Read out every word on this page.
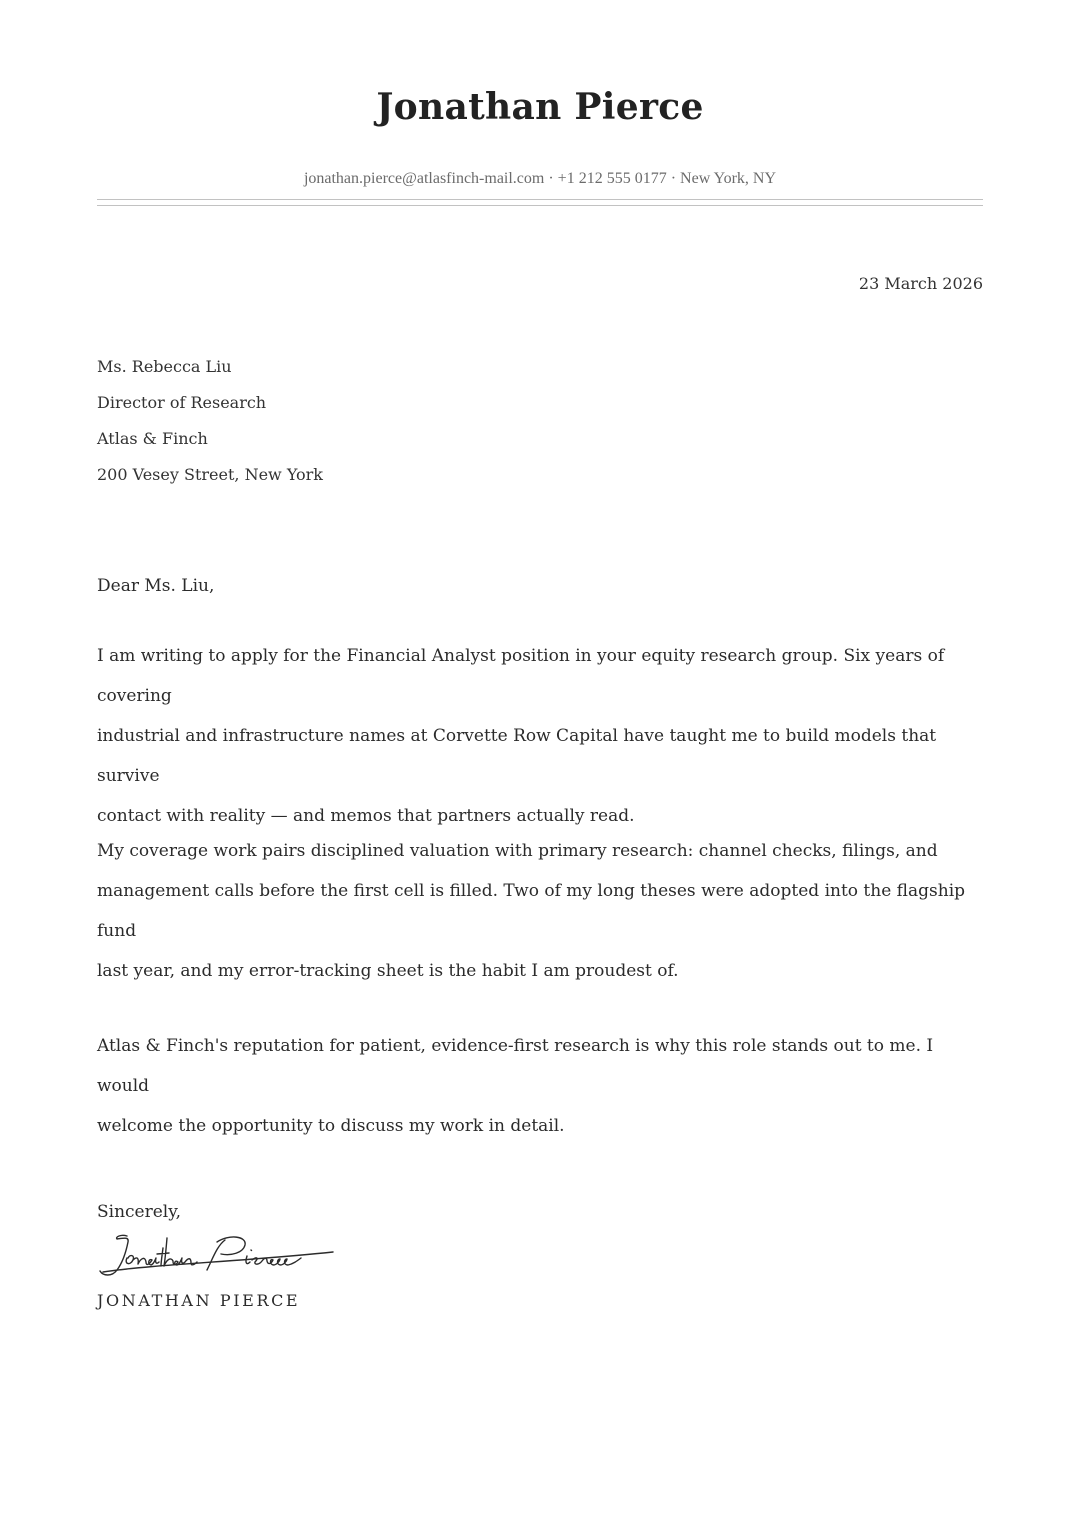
Jonathan Pierce
jonathan.pierce@atlasfinch-mail.com · +1 212 555 0177 · New York, NY
23 March 2026
Ms. Rebecca Liu
Director of Research
Atlas & Finch
200 Vesey Street, New York
Dear Ms. Liu,
I am writing to apply for the Financial Analyst position in your equity research group. Six years of covering
industrial and infrastructure names at Corvette Row Capital have taught me to build models that survive
contact with reality — and memos that partners actually read.
My coverage work pairs disciplined valuation with primary research: channel checks, filings, and
management calls before the first cell is filled. Two of my long theses were adopted into the flagship fund
last year, and my error-tracking sheet is the habit I am proudest of.
Atlas & Finch's reputation for patient, evidence-first research is why this role stands out to me. I would
welcome the opportunity to discuss my work in detail.
Sincerely,
JONATHAN PIERCE
